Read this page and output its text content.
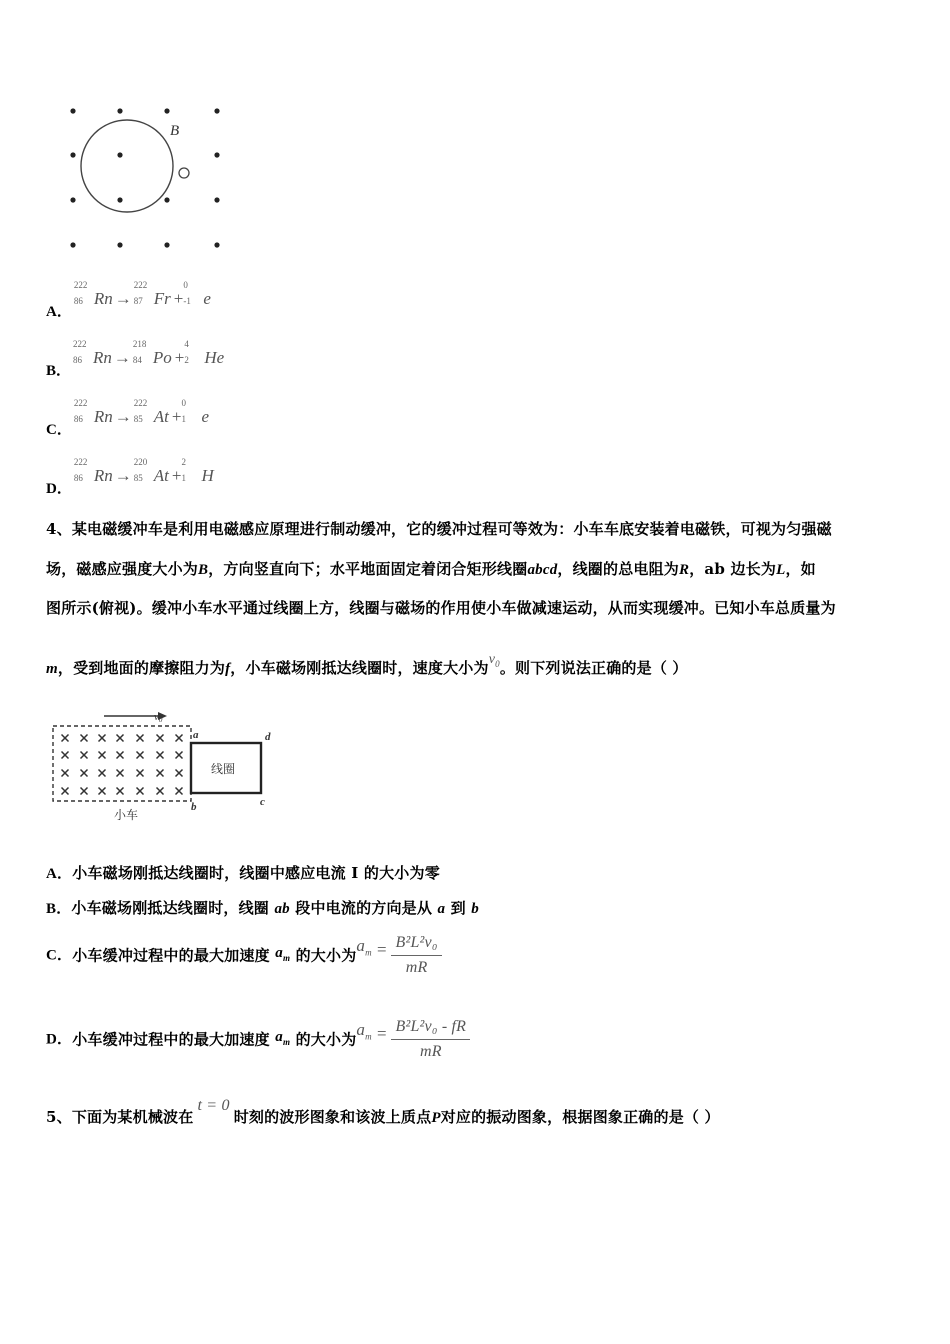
B
A．
222
86 Rn →
222
87 Fr +
0
-1 e
B．
222
86 Rn →
218
84 Po +
4
2 He
C．
222
86 Rn →
222
85 At +
0
1 e
D．
222
86 Rn →
220
85 At +
2
1 H
4、某电磁缓冲车是利用电磁感应原理进行制动缓冲，它的缓冲过程可等效为：小车车底安装着电磁铁，可视为匀强磁
场，磁感应强度大小为B，方向竖直向下；水平地面固定着闭合矩形线圈abcd，线圈的总电阻为R，ab 边长为L，如
图所示(俯视)。缓冲小车水平通过线圈上方，线圈与磁场的作用使小车做减速运动，从而实现缓冲。已知小车总质量为
m，受到地面的摩擦阻力为f，小车磁场刚抵达线圈时，速度大小为$v_0$。则下列说法正确的是（ ）
v0
线圈
a	d
b	c
小车
A．小车磁场刚抵达线圈时，线圈中感应电流 I 的大小为零
B．小车磁场刚抵达线圈时，线圈 ab 段中电流的方向是从 a 到 b
C．小车缓冲过程中的最大加速度 $a_m$ 的大小为$a_m = \frac{\text{B²L²v₀}}{mR}$
D．小车缓冲过程中的最大加速度 $a_m$ 的大小为$a_m = \frac{\text{B²L²v₀ - fR}}{mR}$
5、下面为某机械波在t = 0时刻的波形图象和该波上质点P对应的振动图象，根据图象正确的是（ ）
